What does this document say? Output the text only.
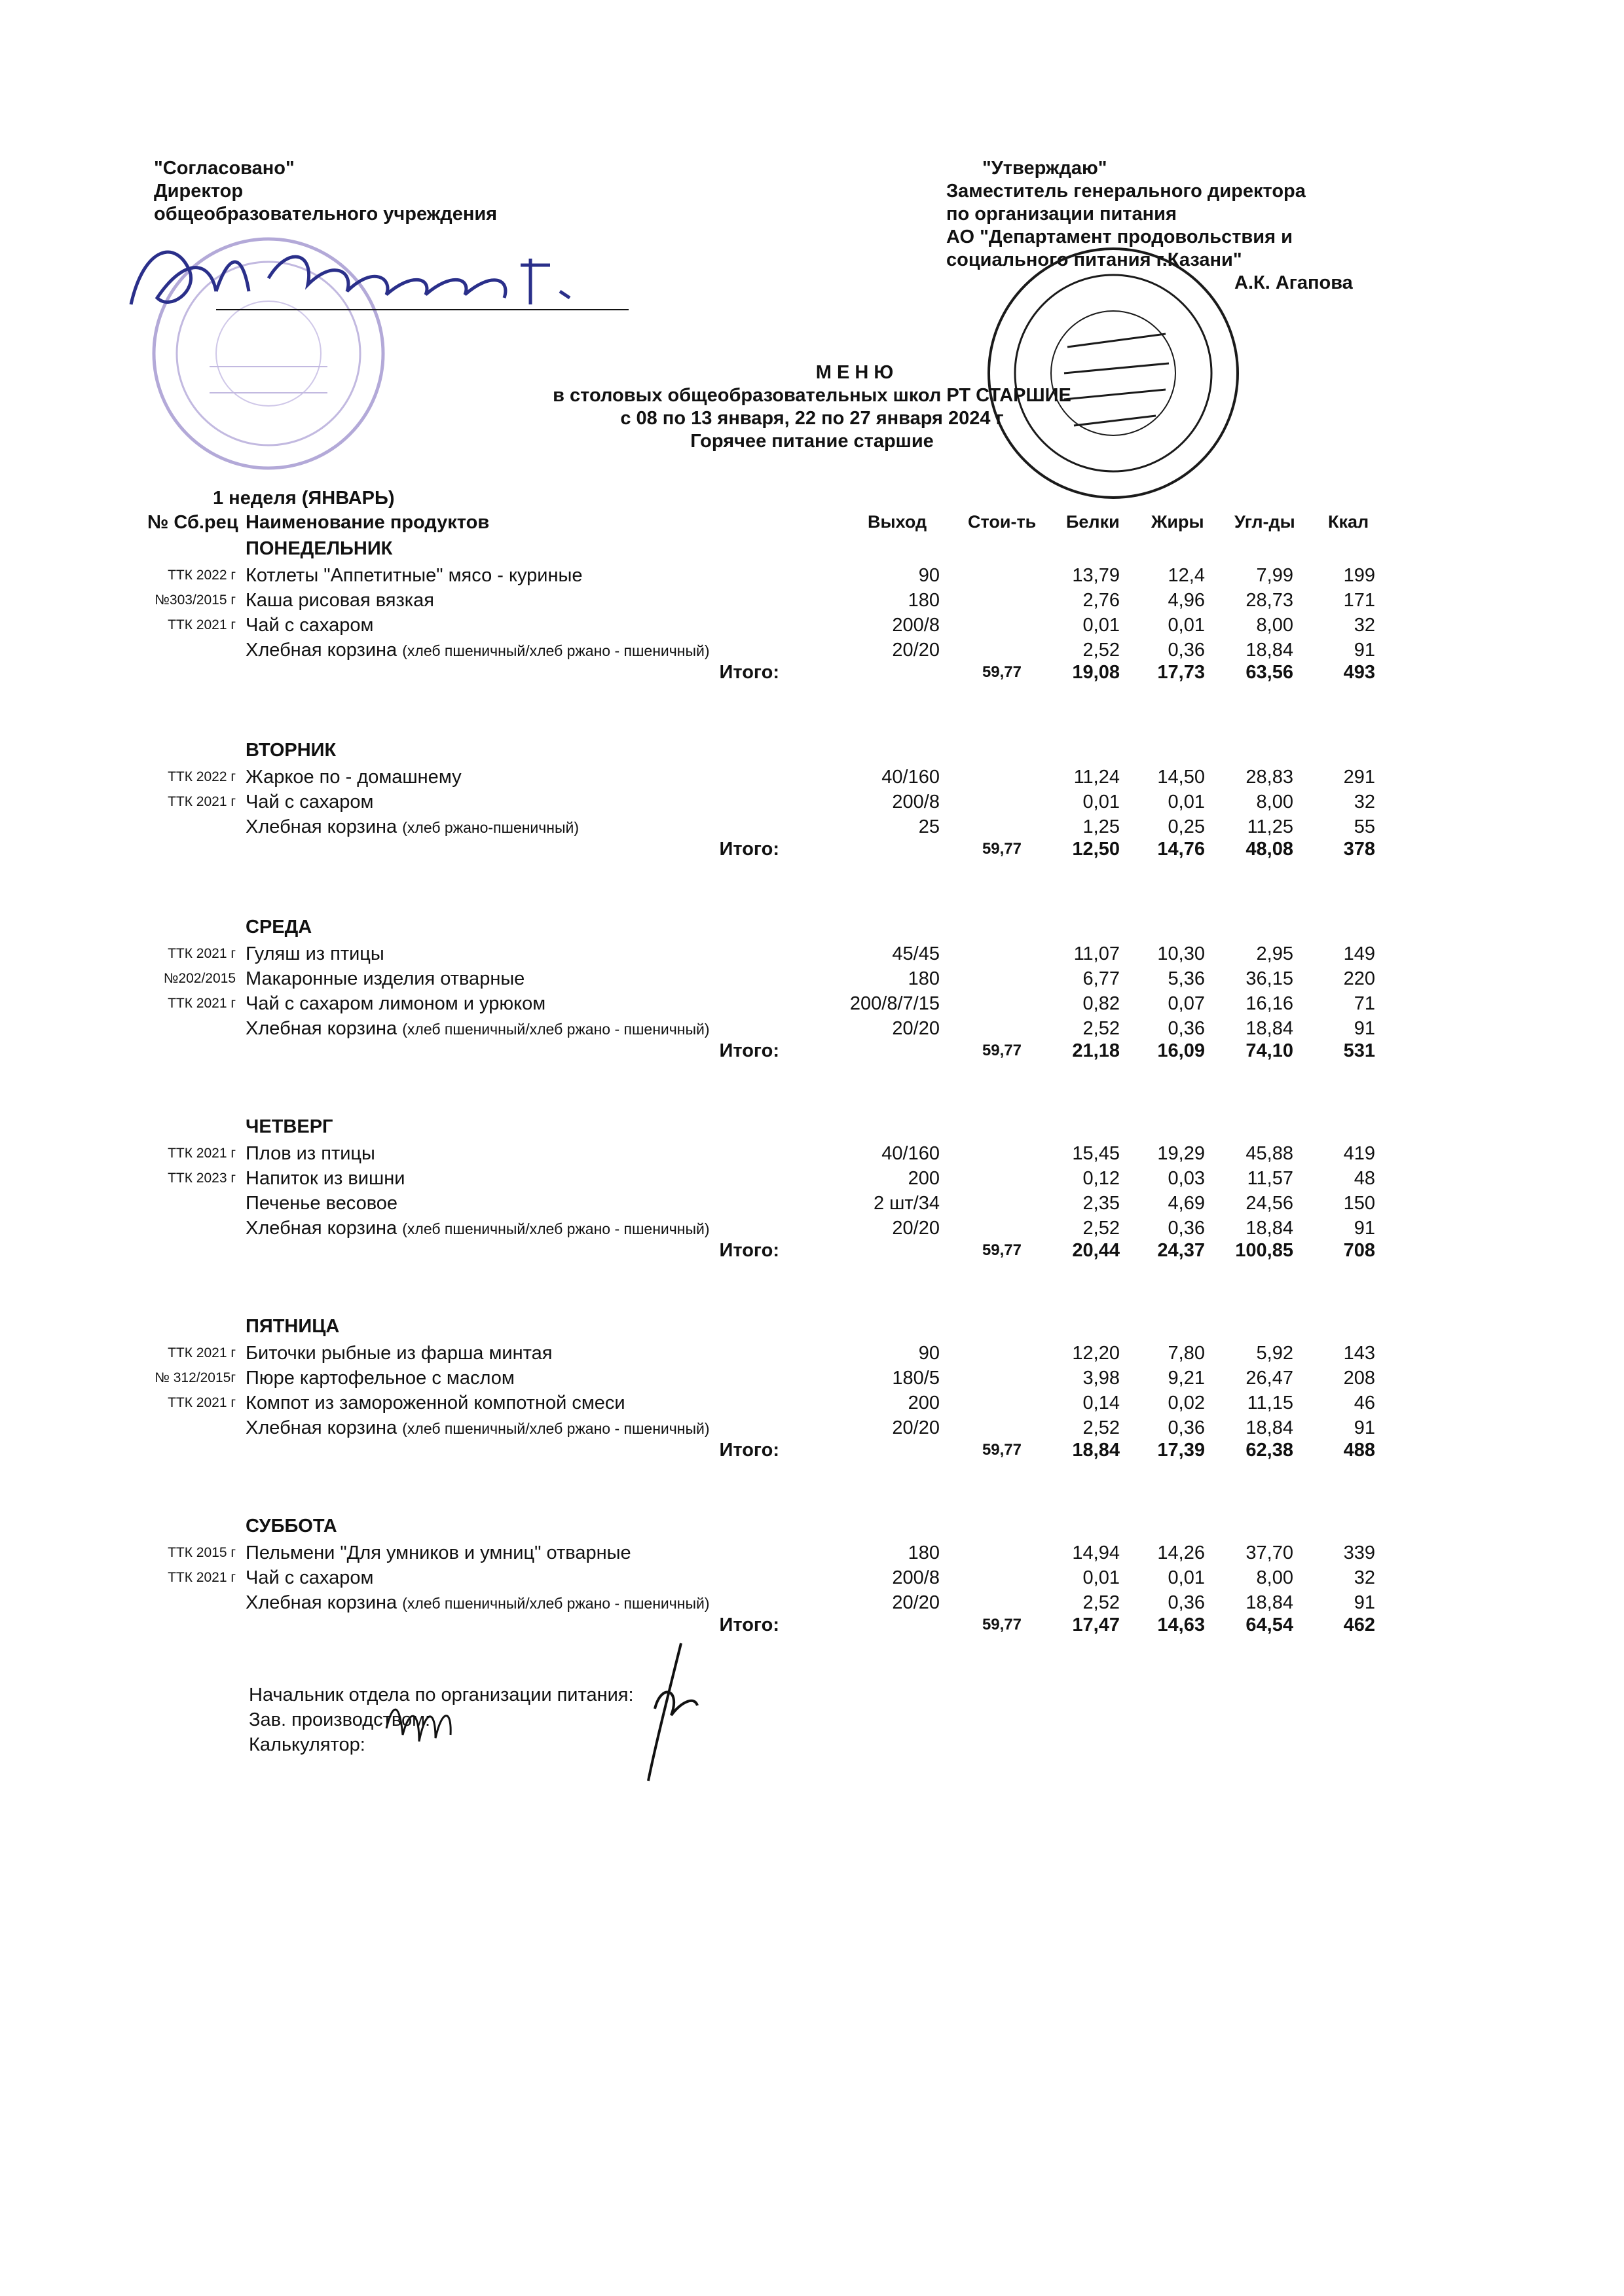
"Согласовано"
Директор
общеобразовательного учреждения
"Утверждаю"
Заместитель генерального директора
по организации питания
АО "Департамент продовольствия и
социального питания г.Казани"
А.К. Агапова
М Е Н Ю
в столовых общеобразовательных школ РТ СТАРШИЕ
с 08 по 13 января, 22 по 27 января 2024 г
Горячее питание старшие
1 неделя (ЯНВАРЬ)
№ Сб.рец Наименование продуктов	Выход Стои-ть Белки Жиры Угл-ды Ккал
ПОНЕДЕЛЬНИК
ТТК 2022 г Котлеты "Аппетитные" мясо - куриные	90	13,79	12,4	7,99	199
№303/2015 г Каша рисовая вязкая	180	2,76	4,96 28,73	171
ТТК 2021 г Чай с сахаром	200/8	0,01	0,01	8,00	32
Хлебная корзина (хлеб пшеничный/хлеб ржано - пшеничный)	20/20	2,52	0,36 18,84	91
Итого:	59,77	19,08 17,73 63,56	493
ВТОРНИК
ТТК 2022 г Жаркое по - домашнему	40/160	11,24 14,50 28,83	291
ТТК 2021 г Чай с сахаром	200/8	0,01	0,01	8,00	32
Хлебная корзина (хлеб ржано-пшеничный)	25	1,25	0,25 11,25	55
Итого:	59,77	12,50 14,76 48,08	378
СРЕДА
ТТК 2021 г Гуляш из птицы	45/45	11,07 10,30	2,95	149
№202/2015 Макаронные изделия отварные	180	6,77	5,36 36,15	220
ТТК 2021 г Чай с сахаром лимоном и урюком	200/8/7/15	0,82	0,07 16,16	71
Хлебная корзина (хлеб пшеничный/хлеб ржано - пшеничный)	20/20	2,52	0,36 18,84	91
Итого:	59,77	21,18 16,09 74,10	531
ЧЕТВЕРГ
ТТК 2021 г Плов из птицы	40/160	15,45 19,29 45,88	419
ТТК 2023 г Напиток из вишни	200	0,12	0,03 11,57	48
Печенье весовое	2 шт/34	2,35	4,69 24,56	150
Хлебная корзина (хлеб пшеничный/хлеб ржано - пшеничный)	20/20	2,52	0,36 18,84	91
Итого:	59,77	20,44 24,37 100,85	708
ПЯТНИЦА
ТТК 2021 г Биточки рыбные из фарша минтая	90	12,20	7,80	5,92	143
№ 312/2015г Пюре картофельное с маслом	180/5	3,98	9,21 26,47	208
ТТК 2021 г Компот из замороженной компотной смеси	200	0,14	0,02 11,15	46
Хлебная корзина (хлеб пшеничный/хлеб ржано - пшеничный)	20/20	2,52	0,36 18,84	91
Итого:	59,77	18,84 17,39 62,38	488
СУББОТА
ТТК 2015 г Пельмени "Для умников и умниц" отварные	180	14,94 14,26 37,70	339
ТТК 2021 г Чай с сахаром	200/8	0,01	0,01	8,00	32
Хлебная корзина (хлеб пшеничный/хлеб ржано - пшеничный)	20/20	2,52	0,36 18,84	91
Итого:	59,77	17,47 14,63 64,54	462
Начальник отдела по организации питания:
Зав. производством:
Калькулятор:
